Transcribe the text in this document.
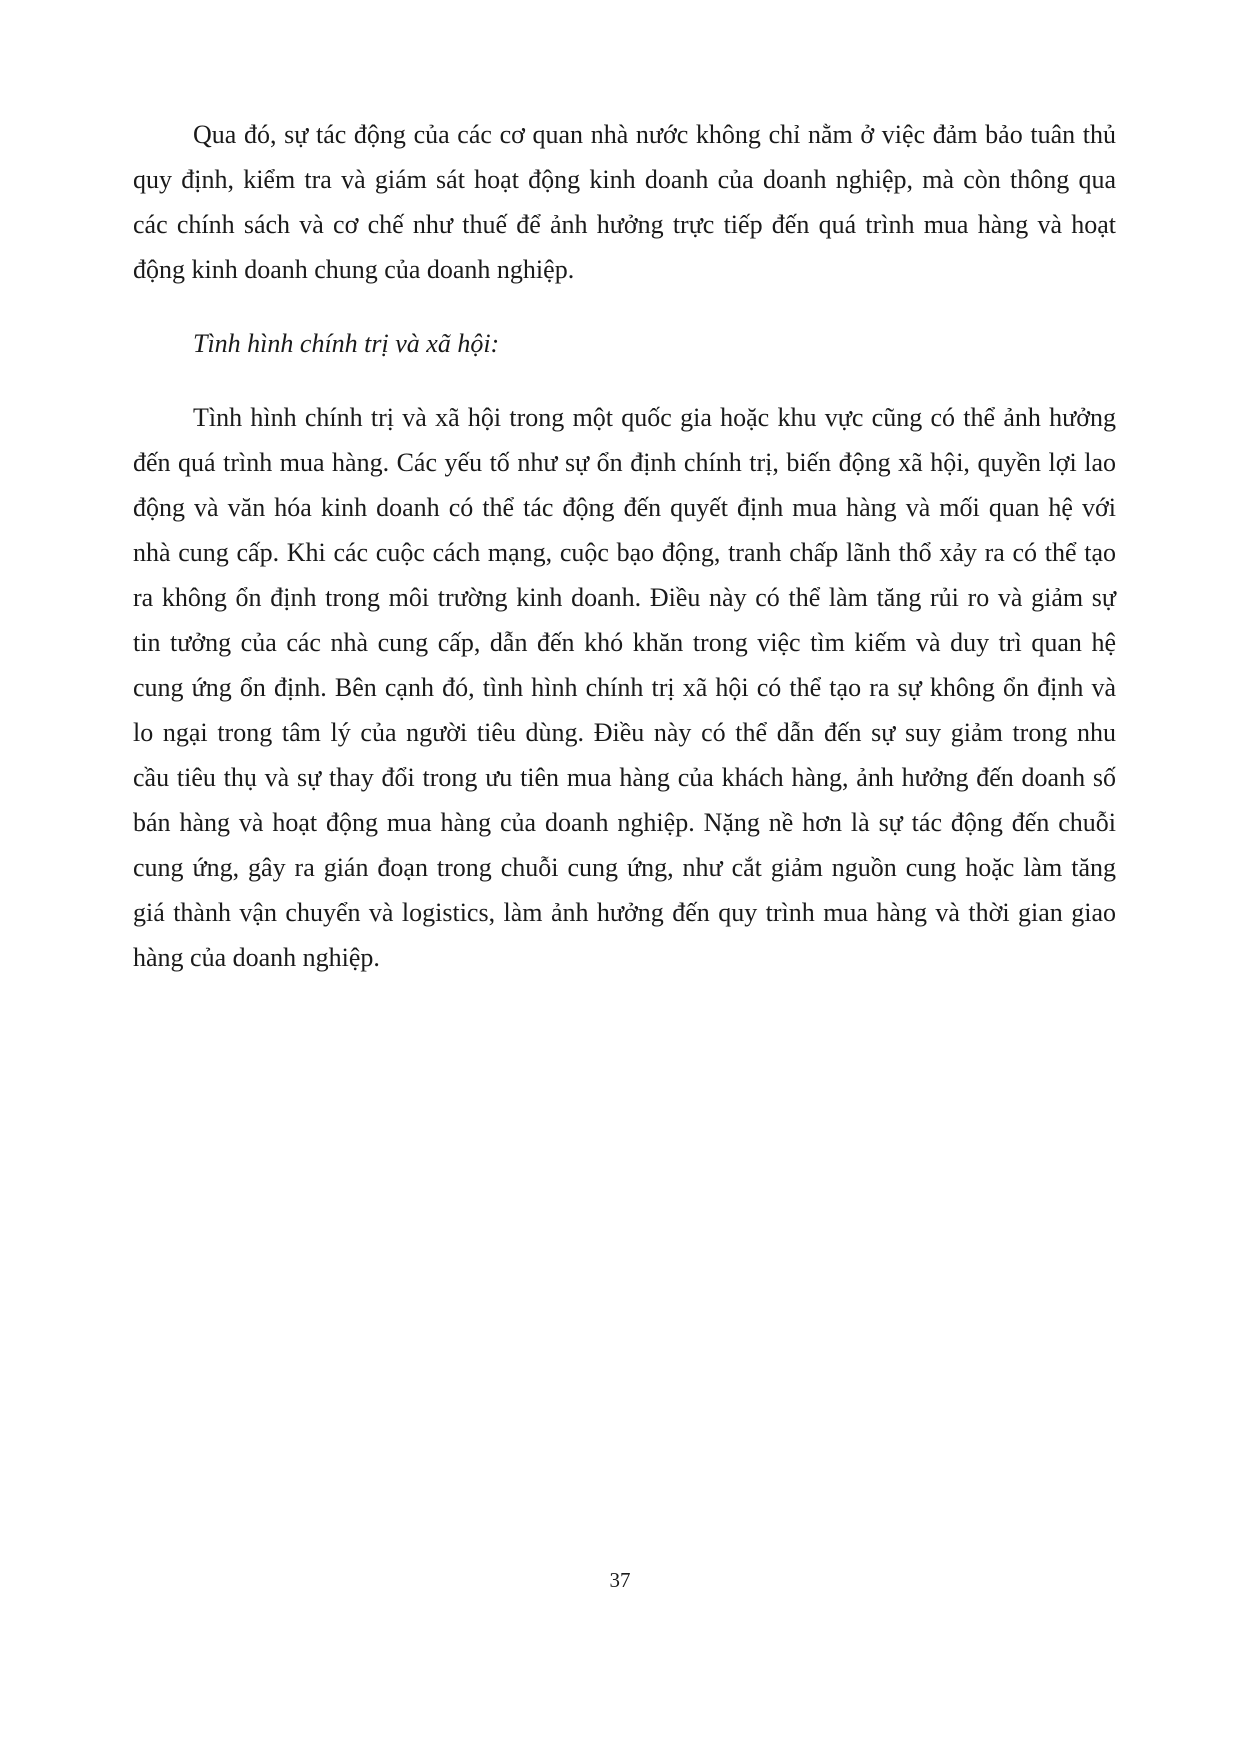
Qua đó, sự tác động của các cơ quan nhà nước không chỉ nằm ở việc đảm bảo tuân thủ
quy định, kiểm tra và giám sát hoạt động kinh doanh của doanh nghiệp, mà còn thông qua
các chính sách và cơ chế như thuế để ảnh hưởng trực tiếp đến quá trình mua hàng và hoạt
động kinh doanh chung của doanh nghiệp.

Tình hình chính trị và xã hội:

Tình hình chính trị và xã hội trong một quốc gia hoặc khu vực cũng có thể ảnh hưởng
đến quá trình mua hàng. Các yếu tố như sự ổn định chính trị, biến động xã hội, quyền lợi lao
động và văn hóa kinh doanh có thể tác động đến quyết định mua hàng và mối quan hệ với
nhà cung cấp. Khi các cuộc cách mạng, cuộc bạo động, tranh chấp lãnh thổ xảy ra có thể tạo
ra không ổn định trong môi trường kinh doanh. Điều này có thể làm tăng rủi ro và giảm sự
tin tưởng của các nhà cung cấp, dẫn đến khó khăn trong việc tìm kiếm và duy trì quan hệ
cung ứng ổn định. Bên cạnh đó, tình hình chính trị xã hội có thể tạo ra sự không ổn định và
lo ngại trong tâm lý của người tiêu dùng. Điều này có thể dẫn đến sự suy giảm trong nhu
cầu tiêu thụ và sự thay đổi trong ưu tiên mua hàng của khách hàng, ảnh hưởng đến doanh số
bán hàng và hoạt động mua hàng của doanh nghiệp. Nặng nề hơn là sự tác động đến chuỗi
cung ứng, gây ra gián đoạn trong chuỗi cung ứng, như cắt giảm nguồn cung hoặc làm tăng
giá thành vận chuyển và logistics, làm ảnh hưởng đến quy trình mua hàng và thời gian giao
hàng của doanh nghiệp.

37
